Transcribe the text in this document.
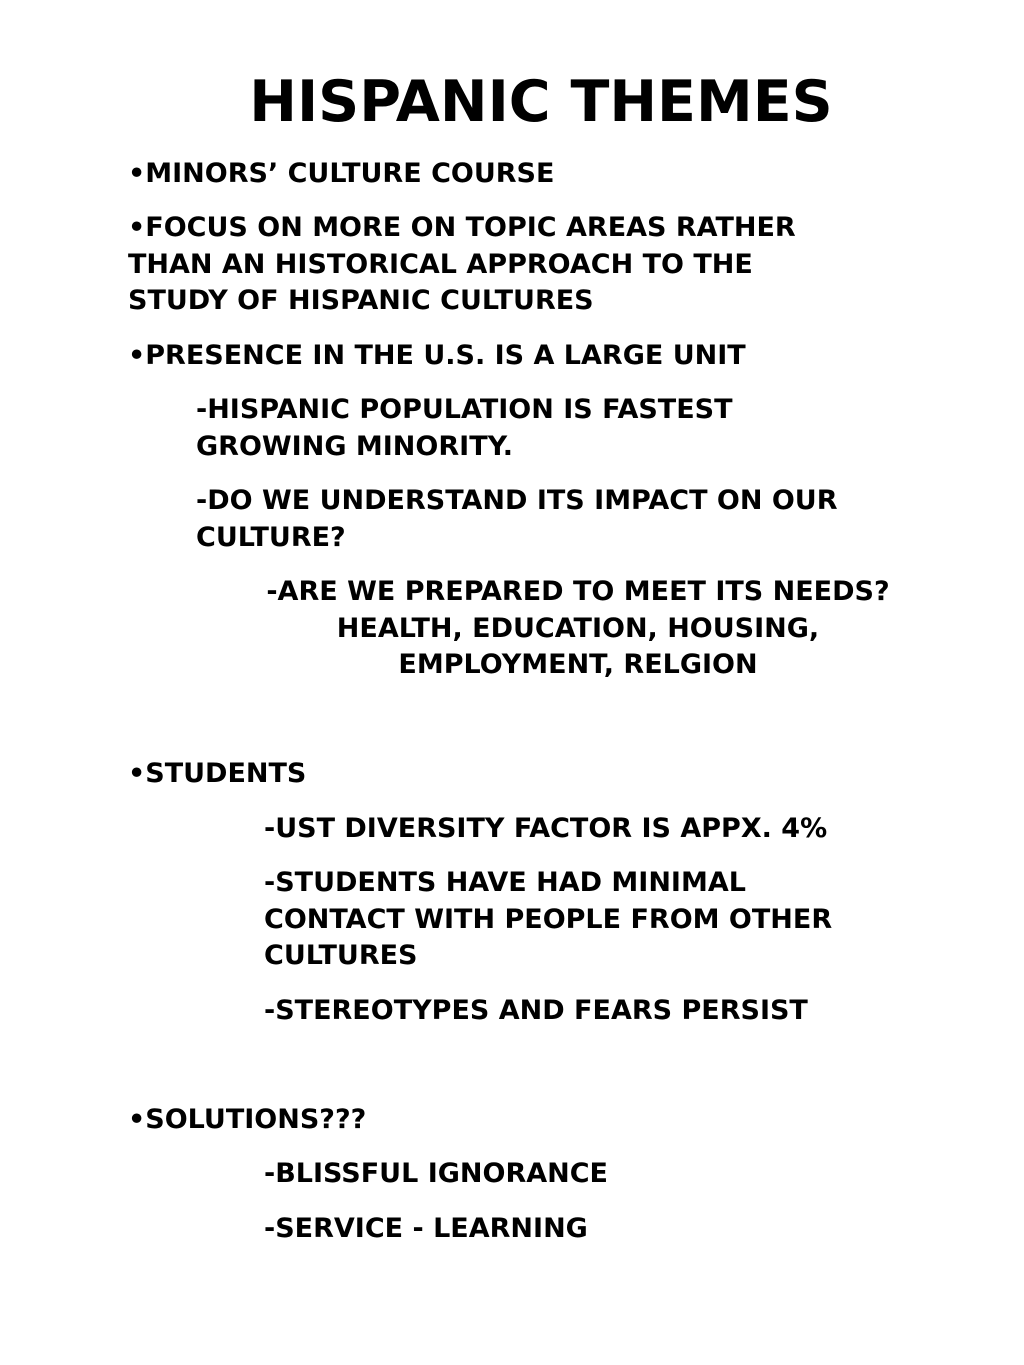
HISPANIC THEMES

•MINORS’ CULTURE COURSE

•FOCUS ON MORE ON TOPIC AREAS RATHER

THAN AN HISTORICAL APPROACH TO THE

STUDY OF HISPANIC CULTURES

•PRESENCE IN THE U.S. IS A LARGE UNIT

-HISPANIC POPULATION IS FASTEST

GROWING MINORITY.

-DO WE UNDERSTAND ITS IMPACT ON OUR

CULTURE?

-ARE WE PREPARED TO MEET ITS NEEDS?

HEALTH, EDUCATION, HOUSING,

EMPLOYMENT, RELGION

•STUDENTS

-UST DIVERSITY FACTOR IS APPX. 4%

-STUDENTS HAVE HAD MINIMAL

CONTACT WITH PEOPLE FROM OTHER

CULTURES

-STEREOTYPES AND FEARS PERSIST

•SOLUTIONS???

-BLISSFUL IGNORANCE

-SERVICE - LEARNING
